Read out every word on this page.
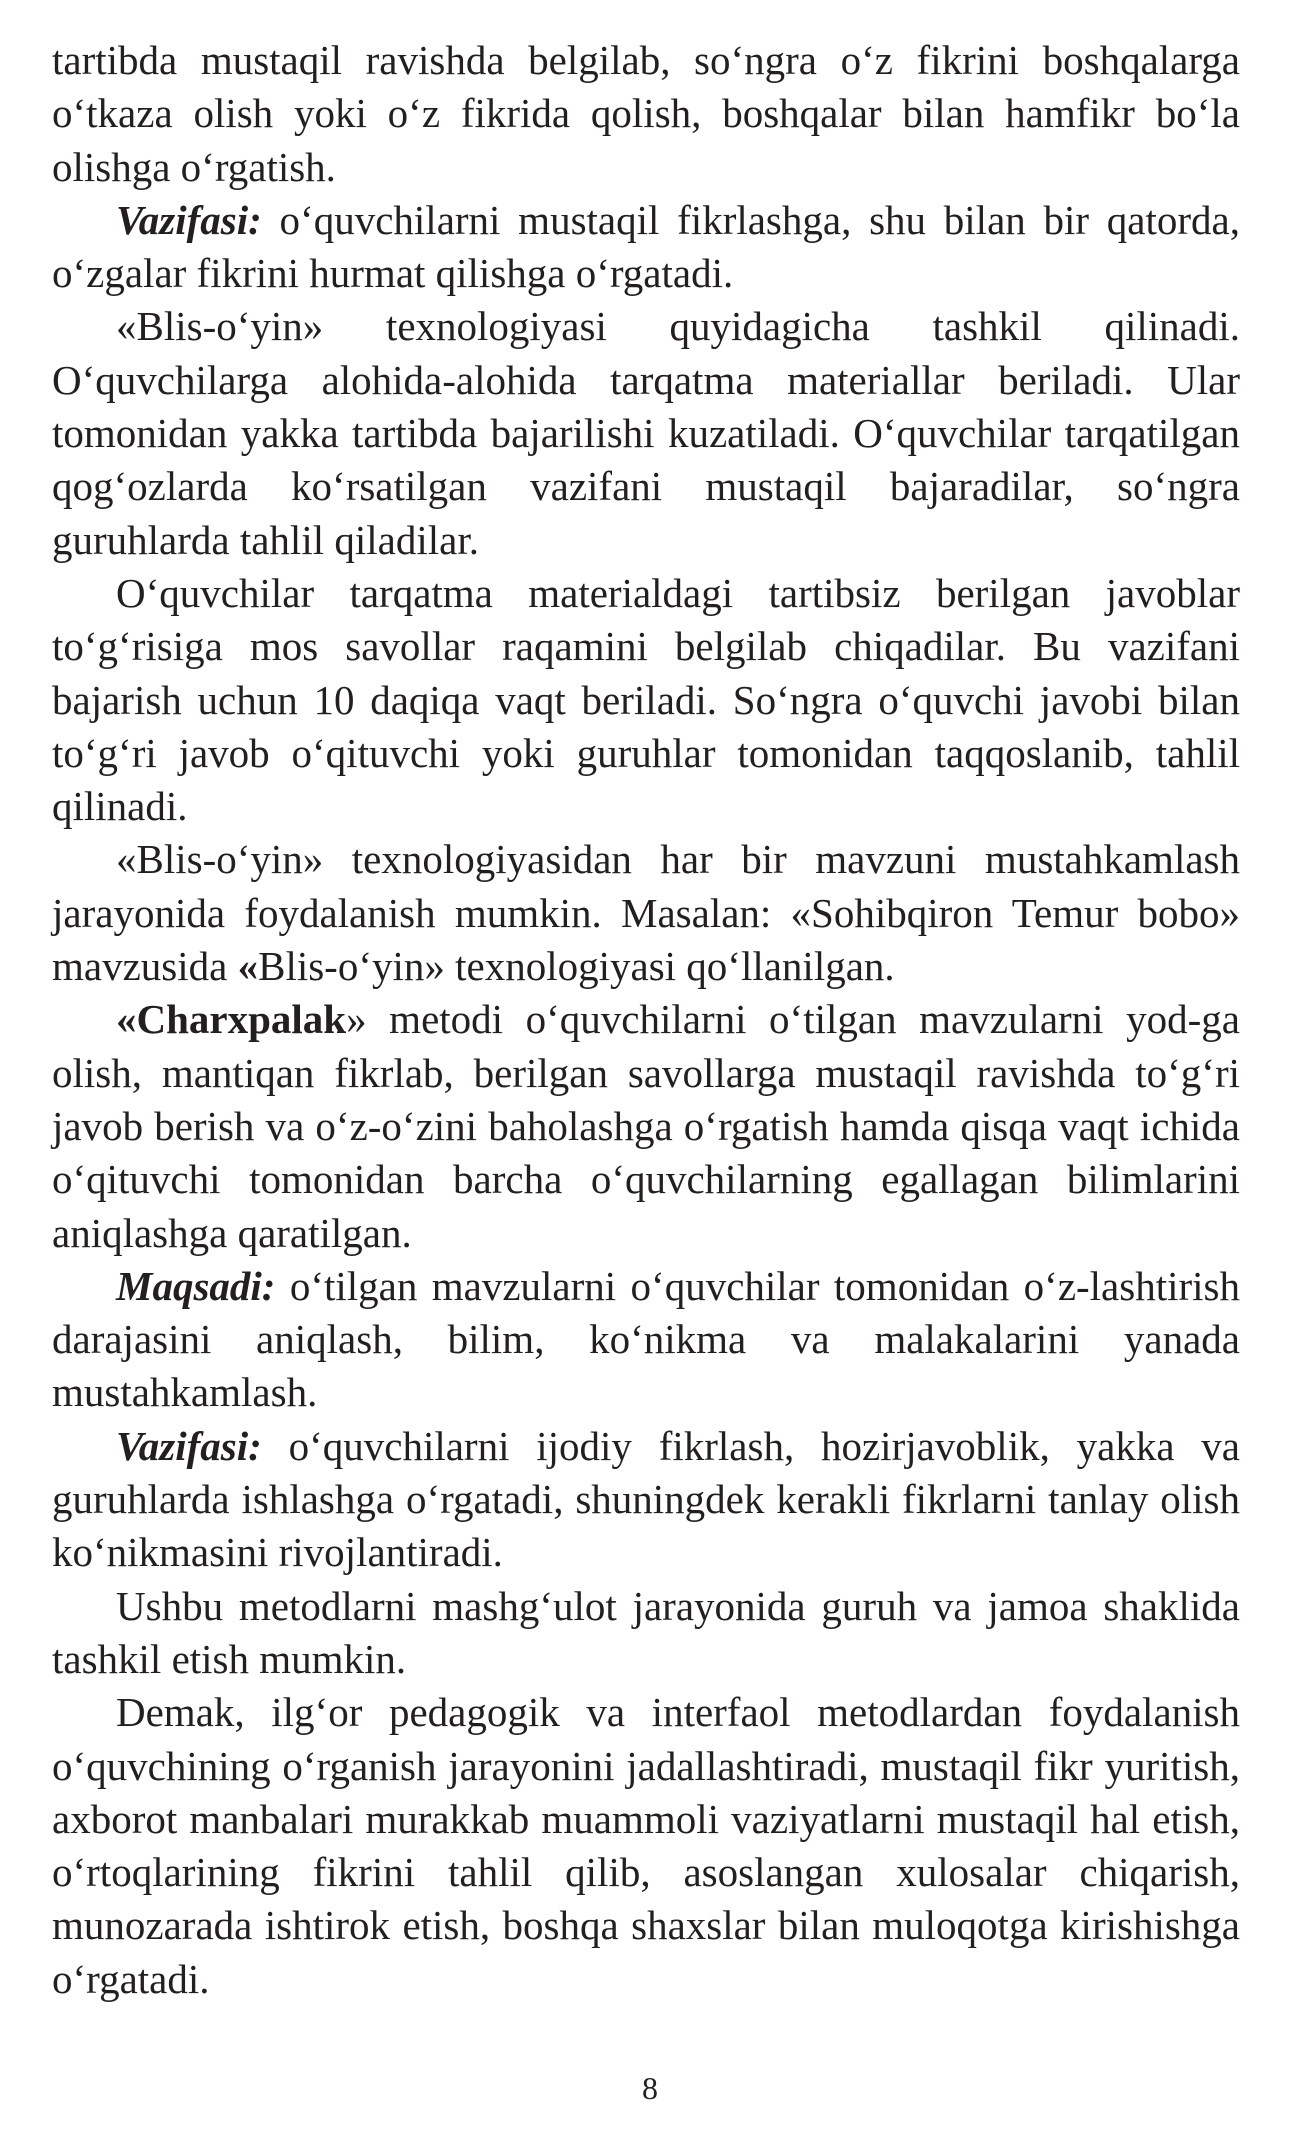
tartibda mustaqil ravishda belgilab, so‘ngra o‘z fikrini boshqalarga o‘tkaza olish yoki o‘z fikrida qolish, boshqalar bilan hamfikr bo‘la olishga o‘rgatish.

Vazifasi: o‘quvchilarni mustaqil fikrlashga, shu bilan bir qatorda, o‘zgalar fikrini hurmat qilishga o‘rgatadi.

«Blis-o‘yin» texnologiyasi quyidagicha tashkil qilinadi. O‘quvchilarga alohida-alohida tarqatma materiallar beriladi. Ular tomonidan yakka tartibda bajarilishi kuzatiladi. O‘quvchilar tarqatilgan qog‘ozlarda ko‘rsatilgan vazifani mustaqil bajaradilar, so‘ngra guruhlarda tahlil qiladilar.

O‘quvchilar tarqatma materialdagi tartibsiz berilgan javoblar to‘g‘risiga mos savollar raqamini belgilab chiqadilar. Bu vazifani bajarish uchun 10 daqiqa vaqt beriladi. So‘ngra o‘quvchi javobi bilan to‘g‘ri javob o‘qituvchi yoki guruhlar tomonidan taqqoslanib, tahlil qilinadi.

«Blis-o‘yin» texnologiyasidan har bir mavzuni mustahkamlash jarayonida foydalanish mumkin. Masalan: «Sohibqiron Temur bobo» mavzusida «Blis-o‘yin» texnologiyasi qo‘llanilgan.

«Charxpalak» metodi o‘quvchilarni o‘tilgan mavzularni yod-ga olish, mantiqan fikrlab, berilgan savollarga mustaqil ravishda to‘g‘ri javob berish va o‘z-o‘zini baholashga o‘rgatish hamda qisqa vaqt ichida o‘qituvchi tomonidan barcha o‘quvchilarning egallagan bilimlarini aniqlashga qaratilgan.

Maqsadi: o‘tilgan mavzularni o‘quvchilar tomonidan o‘z-lashtirish darajasini aniqlash, bilim, ko‘nikma va malakalarini yanada mustahkamlash.

Vazifasi: o‘quvchilarni ijodiy fikrlash, hozirjavoblik, yakka va guruhlarda ishlashga o‘rgatadi, shuningdek kerakli fikrlarni tanlay olish ko‘nikmasini rivojlantiradi.

Ushbu metodlarni mashg‘ulot jarayonida guruh va jamoa shaklida tashkil etish mumkin.

Demak, ilg‘or pedagogik va interfaol metodlardan foydalanish o‘quvchining o‘rganish jarayonini jadallashtiradi, mustaqil fikr yuritish, axborot manbalari murakkab muammoli vaziyatlarni mustaqil hal etish, o‘rtoqlarining fikrini tahlil qilib, asoslangan xulosalar chiqarish, munozarada ishtirok etish, boshqa shaxslar bilan muloqotga kirishishga o‘rgatadi.

8
